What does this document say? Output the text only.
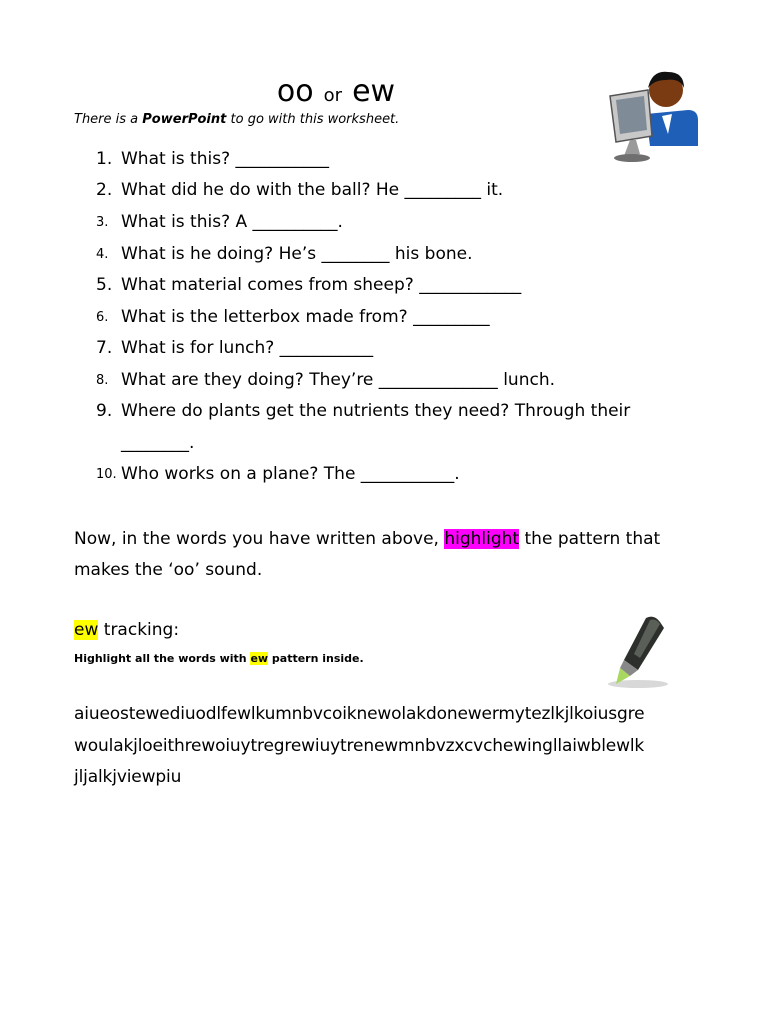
oo or ew
There is a PowerPoint to go with this worksheet.
1. What is this? ___________
2. What did he do with the ball? He _________ it.
3. What is this? A __________.
4. What is he doing? He’s ________ his bone.
5. What material comes from sheep? ____________
6. What is the letterbox made from? _________
7. What is for lunch? ___________
8. What are they doing? They’re ______________ lunch.
9. Where do plants get the nutrients they need? Through their
________.
10. Who works on a plane? The ___________.
Now, in the words you have written above, highlight the pattern that makes the ‘oo’ sound.
ew tracking:
Highlight all the words with ew pattern inside.
aiueostewediuodlfewlkumnbvcoiknewolakdonewermytezlkjlkoiusgre
woulakjloeithrewoiuytregrewiuytrenewmnbvzxcvchewingllaiwblewlk
jljalkjviewpiu
